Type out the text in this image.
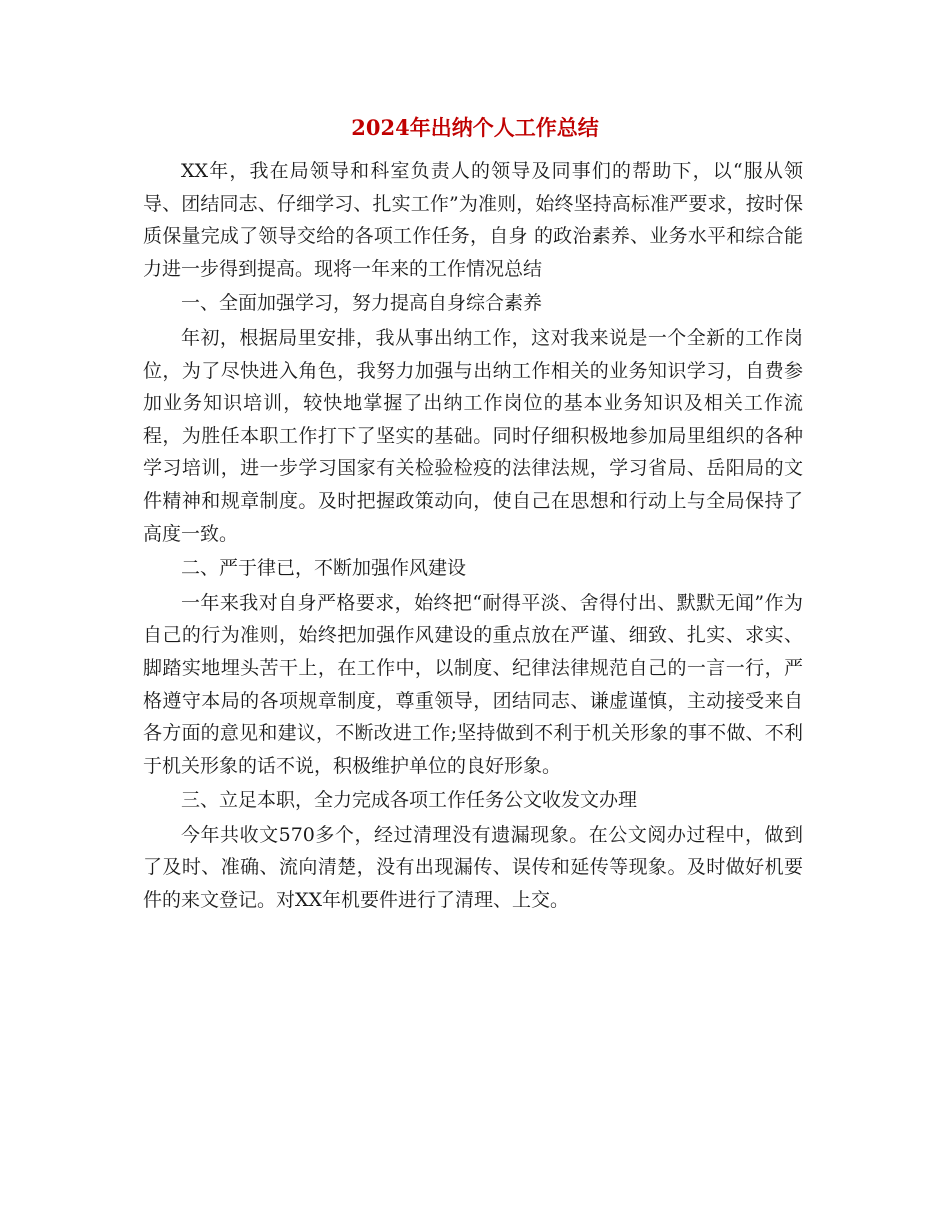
2024年出纳个人工作总结

XX年，我在局领导和科室负责人的领导及同事们的帮助下，以“服从领导、团结同志、仔细学习、扎实工作”为准则，始终坚持高标准严要求，按时保质保量完成了领导交给的各项工作任务，自身 的政治素养、业务水平和综合能力进一步得到提高。现将一年来的工作情况总结

一、全面加强学习，努力提高自身综合素养

年初，根据局里安排，我从事出纳工作，这对我来说是一个全新的工作岗位，为了尽快进入角色，我努力加强与出纳工作相关的业务知识学习，自费参加业务知识培训，较快地掌握了出纳工作岗位的基本业务知识及相关工作流程，为胜任本职工作打下了坚实的基础。同时仔细积极地参加局里组织的各种学习培训，进一步学习国家有关检验检疫的法律法规，学习省局、岳阳局的文件精神和规章制度。及时把握政策动向，使自己在思想和行动上与全局保持了高度一致。

二、严于律已，不断加强作风建设

一年来我对自身严格要求，始终把“耐得平淡、舍得付出、默默无闻”作为自己的行为准则，始终把加强作风建设的重点放在严谨、细致、扎实、求实、脚踏实地埋头苦干上，在工作中，以制度、纪律法律规范自己的一言一行，严格遵守本局的各项规章制度，尊重领导，团结同志、谦虚谨慎，主动接受来自各方面的意见和建议，不断改进工作;坚持做到不利于机关形象的事不做、不利于机关形象的话不说，积极维护单位的良好形象。

三、立足本职，全力完成各项工作任务公文收发文办理

今年共收文570多个，经过清理没有遗漏现象。在公文阅办过程中，做到了及时、准确、流向清楚，没有出现漏传、误传和延传等现象。及时做好机要件的来文登记。对XX年机要件进行了清理、上交。
